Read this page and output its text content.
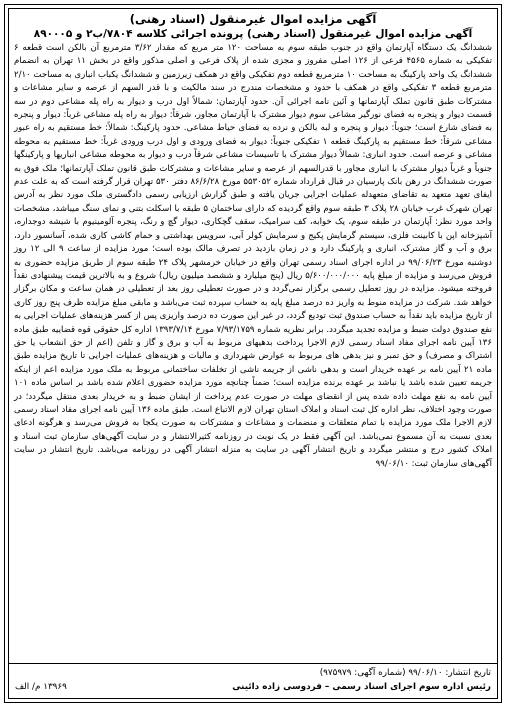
آگهی مزایده اموال غیرمنقول (اسناد رهنی)
آگهی مزایده اموال غیرمنقول (اسناد رهنی) پرونده اجرائی کلاسه ۷۸۰۴/ب۲ و ۸۹۰۰۰۵
ششدانگ یک دستگاه آپارتمان واقع در جنوب طبقه سوم به مساحت ۱۲۰ متر مربع که مقدار ۳/۶۲ مترمربع آن بالکن است قطعه ۶ تفکیکی به شماره ۴۵۶۵ فرعی از ۱۲۶ اصلی مفروز و مجزی شده از پلاک فرعی و اصلی مذکور واقع در بخش ۱۱ تهران به انضمام ششدانگ یک واحد پارکینگ به مساحت ۱۰ مترمربع قطعه دوم تفکیکی واقع در همکف زیرزمین و ششدانگ یکباب انباری به مساحت ۲/۱۰ مترمربع قطعه ۳ تفکیکی واقع در همکف با حدود و مشخصات مندرج در سند مالکیت و با قدر السهم از عرصه و سایر مشاعات و مشترکات طبق قانون تملک آپارتمانها و آئین نامه اجرائی آن. حدود آپارتمان: شمالاً اول درب و دیوار به راه پله مشاعی دوم در سه قسمت دیوار و پنجره به فضای نورگیر مشاعی سوم دیوار مشترک با آپارتمان مجاور، شرقاً: دیوار به راه پله مشاعی غرباً: دیوار و پنجره به فضای شارع است؛ جنوباً: دیوار و پنجره و لبه بالکن و نرده به فضای حیاط مشاعی. حدود پارکینگ: شمالاً: خط مستقیم به راه عبور مشاعی شرقاً: خط مستقیم به پارکینگ قطعه ۱ تفکیکی جنوباً: دیوار به فضای ورودی و اول درب ورودی غرباً: خط مستقیم به محوطه مشاعی و عرصه است. حدود انباری: شمالاً دیوار مشترک با تاسیسات مشاعی شرقاً درب و دیوار به محوطه مشاعی انباریها و پارکینگها جنوباً و غرباً دیوار مشترک با انباری مجاور با قدرالسهم از عرصه و سایر مشاعات و مشترکات طبق قانون تملک آپارتمانها؛ ملک فوق به صورت ششدانگ در رهن بانک پارسیان در قبال قرارداد شماره ۵۵۳۰۵۲ مورخ ۸۶/۶/۲۸ دفتر ۵۳۰ تهران قرار گرفته است که به علت عدم ایفای تعهد متعهد به تقاضای متعهدله عملیات اجرایی جریان یافته و طبق گزارش ارزیابی رسمی دادگستری ملک مورد نظر به آدرس تهران شهرک غرب خیابان ۲۸ پلاک ۳ طبقه سوم واقع گردیده که دارای ساختمان ۵ طبقه با اسکلت بتنی و نمای سنگ میباشد، مشخصات واحد مورد نظر: آپارتمان در طبقه سوم، یک خوابه، کف سرامیک، سقف گچکاری، دیوار گچ و رنگ، پنجره آلومینیوم با شیشه دوجداره، آشپزخانه اپن با کابینت فلزی، سیستم گرمایش پکیج و سرمایش کولر آبی، سرویس بهداشتی و حمام کاشی کاری شده، آسانسور دارد، برق و آب و گاز مشترک، انباری و پارکینگ دارد و در زمان بازدید در تصرف مالک بوده است؛ مورد مزایده از ساعت ۹ الی ۱۲ روز دوشنبه مورخ ۹۹/۰۶/۲۳ در اداره اجرای اسناد رسمی تهران واقع در خیابان خرمشهر پلاک ۲۴ طبقه سوم از طریق مزایده حضوری به فروش می‌رسد و مزایده از مبلغ پایه ۵/۶۰۰/۰۰۰/۰۰۰ ریال (پنج میلیارد و ششصد میلیون ریال) شروع و به بالاترین قیمت پیشنهادی نقداً فروخته میشود. مزایده در روز تعطیل رسمی برگزار نمی‌گردد و در صورت تعطیلی روز بعد از تعطیلی در همان ساعت و مکان برگزار خواهد شد. شرکت در مزایده منوط به واریز ده درصد مبلغ پایه به حساب سپرده ثبت می‌باشد و مابقی مبلغ مزایده ظرف پنج روز کاری از تاریخ مزایده باید نقداً به حساب صندوق ثبت تودیع گردد، در غیر این صورت ده درصد واریزی پس از کسر هزینه‌های عملیات اجرایی به نفع صندوق دولت ضبط و مزایده تجدید میگردد. برابر نظریه شماره ۷/۹۳/۱۷۵۹ مورخ ۱۳۹۳/۷/۱۴ اداره کل حقوقی قوه قضاییه طبق ماده ۱۳۶ آیین نامه اجرای مفاد اسناد رسمی لازم الاجرا پرداخت بدهیهای مربوط به آب و برق و گاز و تلفن (اعم از حق انشعاب یا حق اشتراک و مصرف) و حق تمبر و نیز بدهی های مربوط به عوارض شهرداری و مالیات و هزینه‌های عملیات اجرایی تا تاریخ مزایده طبق ماده ۲۱ آیین نامه بر عهده خریدار است و بدهی ناشی از جریمه ناشی از تخلفات ساختمانی مربوط به ملک مورد مزایده اعم از اینکه جریمه تعیین شده باشد یا نباشد بر عهده برنده مزایده است؛ ضمناً چنانچه مورد مزایده حضوری اعلام شده باشد بر اساس ماده ۱۰۱ آیین نامه به نفع مهلت داده شده پس از انقضای مهلت در صورت عدم پرداخت از ایشان ضبط و به خریدار بعدی منتقل میگردد؛ در صورت وجود اختلاف، نظر اداره کل ثبت اسناد و املاک استان تهران لازم الاتباع است. طبق ماده ۱۳۶ آیین نامه اجرای مفاد اسناد رسمی لازم الاجرا ملک مورد مزایده با تمام متعلقات و منضمات و مشاعات و مشترکات به صورت یکجا به فروش می‌رسد و هرگونه ادعای بعدی نسبت به آن مسموع نمی‌باشد. این آگهی فقط در یک نوبت در روزنامه کثیرالانتشار و در سایت آگهی‌های سازمان ثبت اسناد و املاک کشور درج و منتشر میگردد و تاریخ انتشار آگهی در سایت به منزله انتشار آگهی در روزنامه می‌باشد. تاریخ انتشار در سایت آگهی‌های سازمان ثبت: ۹۹/۰۶/۱۰
تاریخ انتشار: ۹۹/۰۶/۱۰ (شماره آگهی: ۹۷۵۹۷۹)
رئیس اداره سوم اجرای اسناد رسمی – فردوسی زاده دائینی
۱۳۹۶۹ م/ الف
